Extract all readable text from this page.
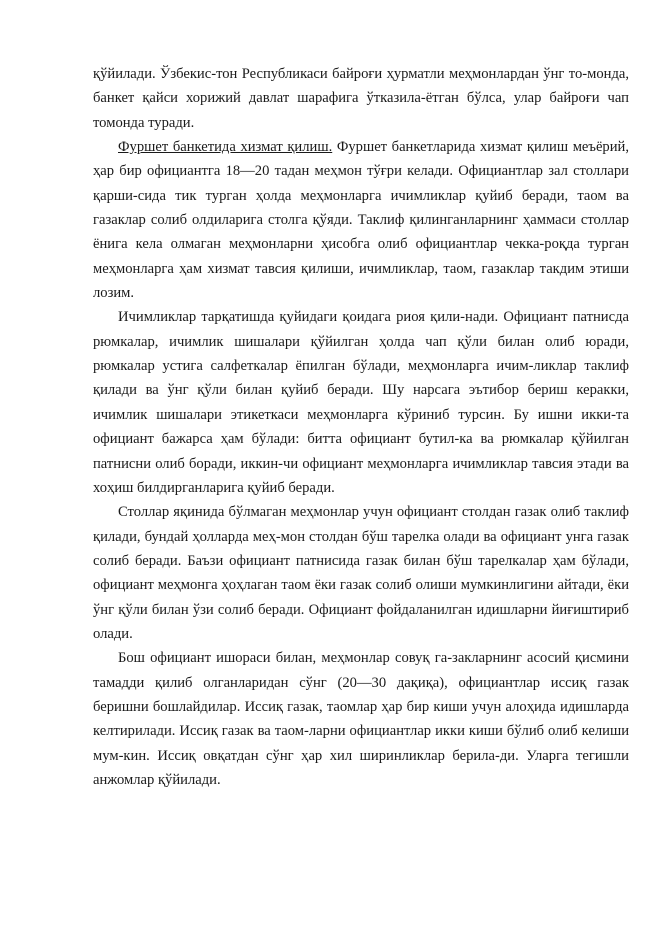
қўйилади. Ўзбекис-тон Республикаси байроғи ҳурматли меҳмонлардан ўнг то-монда, банкет қайси хорижий давлат шарафига ўтказила-ётган бўлса, улар байроғи чап томонда туради.

Фуршет банкетида хизмат қилиш. Фуршет банкетларида хизмат қилиш меъёрий, ҳар бир официантга 18—20 тадан меҳмон тўғри келади. Официантлар зал столлари қарши-сида тик турган ҳолда меҳмонларга ичимликлар қуйиб беради, таом ва газаклар солиб олдиларига столга қўяди. Таклиф қилинганларнинг ҳаммаси столлар ёнига кела олмаган меҳмонларни ҳисобга олиб официантлар чекка-роқда турган меҳмонларга ҳам хизмат тавсия қилиши, ичимликлар, таом, газаклар такдим этиши лозим.

Ичимликлар тарқатишда қуйидаги қоидага риоя қили-нади. Официант патнисда рюмкалар, ичимлик шишалари қўйилган ҳолда чап қўли билан олиб юради, рюмкалар устига салфеткалар ёпилган бўлади, меҳмонларга ичим-ликлар таклиф қилади ва ўнг қўли билан қуйиб беради. Шу нарсага эътибор бериш керакки, ичимлик шишалари этикеткаси меҳмонларга кўриниб турсин. Бу ишни икки-та официант бажарса ҳам бўлади: битта официант бутил-ка ва рюмкалар қўйилган патнисни олиб боради, иккин-чи официант меҳмонларга ичимликлар тавсия этади ва хоҳиш билдирганларига қуйиб беради.

Столлар яқинида бўлмаган меҳмонлар учун официант столдан газак олиб таклиф қилади, бундай ҳолларда меҳ-мон столдан бўш тарелка олади ва официант унга газак солиб беради. Баъзи официант патнисида газак билан бўш тарелкалар ҳам бўлади, официант меҳмонга ҳоҳлаган таом ёки газак солиб олиши мумкинлигини айтади, ёки ўнг қўли билан ўзи солиб беради. Официант фойдаланилган идишларни йиғиштириб олади.

Бош официант ишораси билан, меҳмонлар совуқ га-закларнинг асосий қисмини тамадди қилиб олганларидан сўнг (20—30 дақиқа), официантлар иссиқ газак беришни бошлайдилар. Иссиқ газак, таомлар ҳар бир киши учун алоҳида идишларда келтирилади. Иссиқ газак ва таом-ларни официантлар икки киши бўлиб олиб келиши мум-кин. Иссиқ овқатдан сўнг ҳар хил ширинликлар берила-ди. Уларга тегишли анжомлар қўйилади.
